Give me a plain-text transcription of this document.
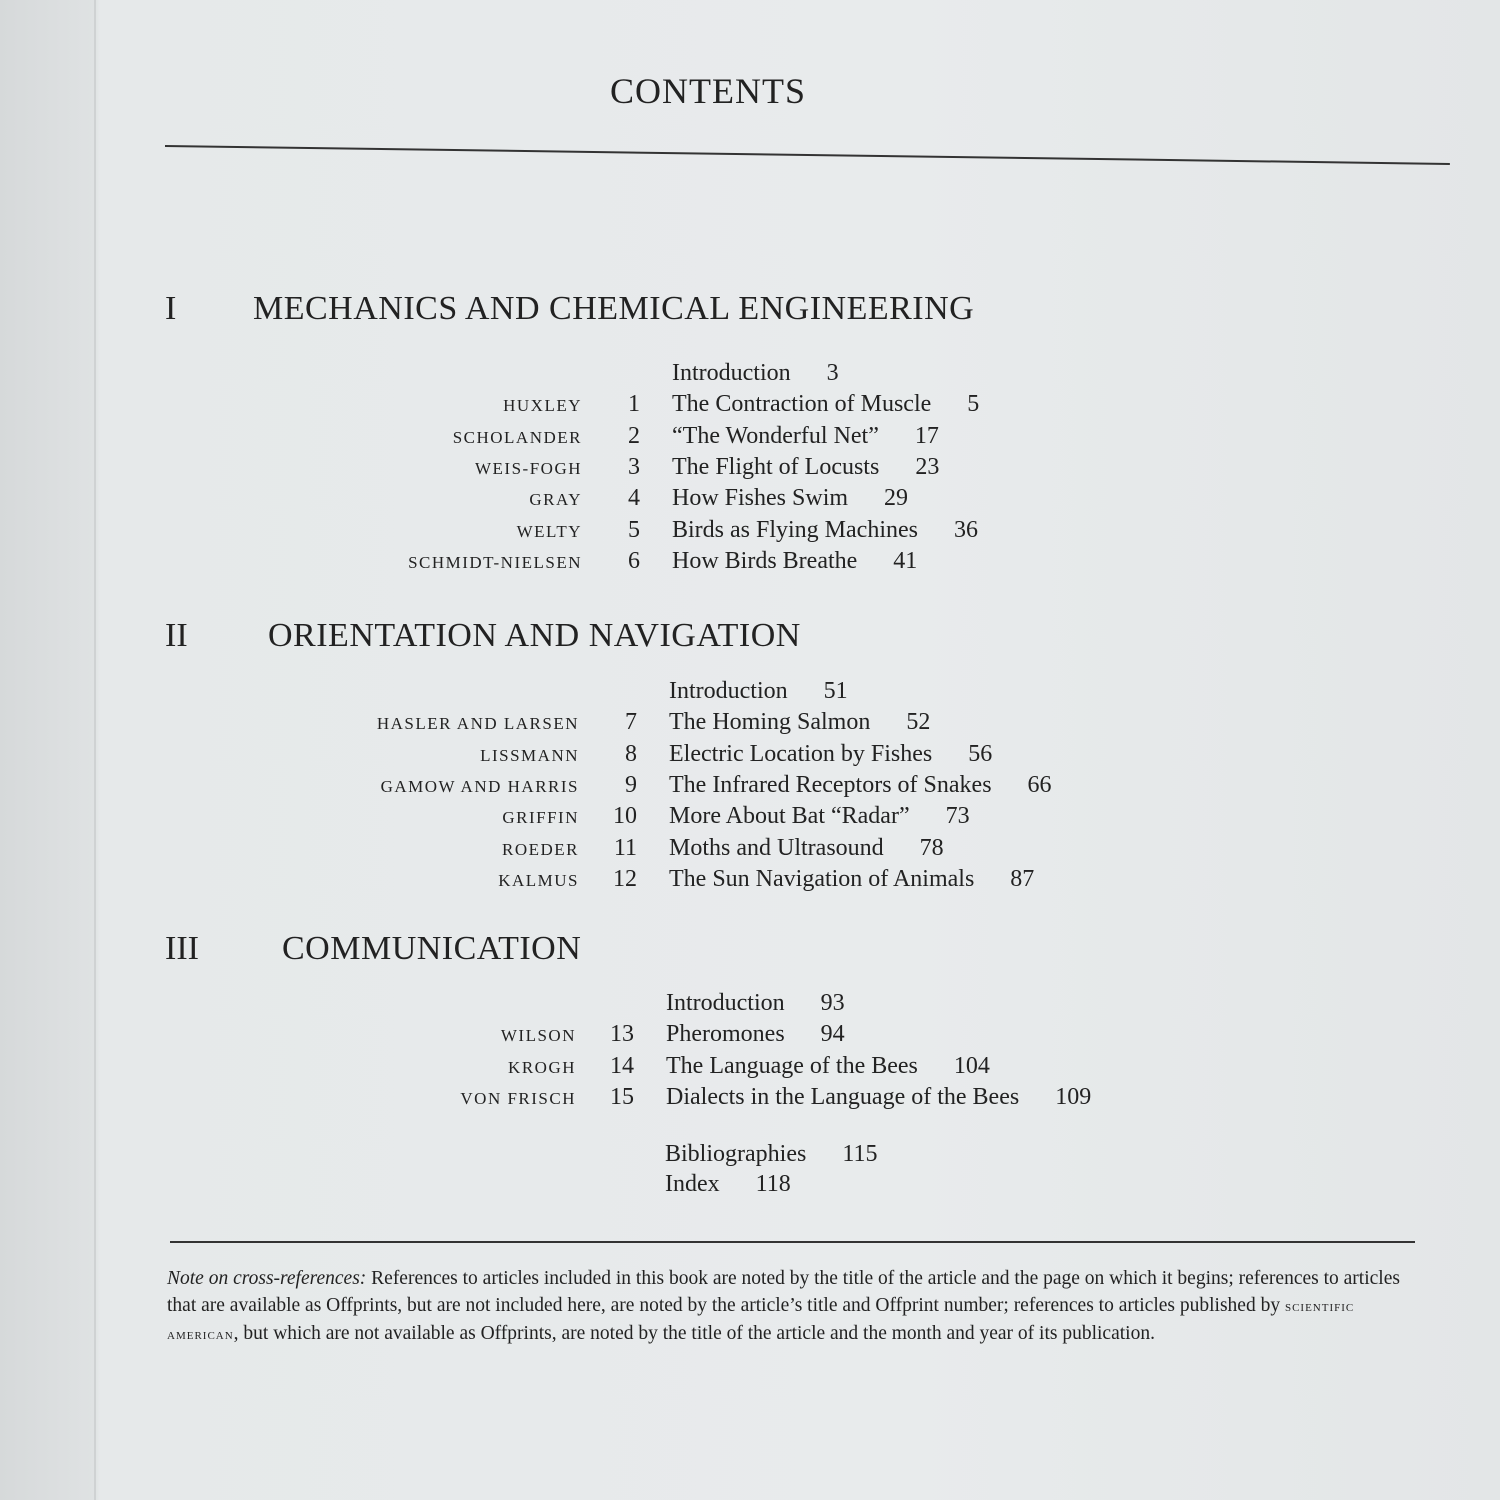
CONTENTS
I MECHANICS AND CHEMICAL ENGINEERING
Introduction 3
HUXLEY	1 The Contraction of Muscle 5
SCHOLANDER	2 “The Wonderful Net” 17
WEIS-FOGH	3 The Flight of Locusts 23
GRAY	4 How Fishes Swim 29
WELTY	5 Birds as Flying Machines 36
SCHMIDT-NIELSEN	6 How Birds Breathe 41
II ORIENTATION AND NAVIGATION
Introduction 51
HASLER AND LARSEN	7 The Homing Salmon 52
LISSMANN	8 Electric Location by Fishes 56
GAMOW AND HARRIS	9 The Infrared Receptors of Snakes 66
GRIFFIN	10 More About Bat “Radar” 73
ROEDER	11 Moths and Ultrasound 78
KALMUS	12 The Sun Navigation of Animals 87
III COMMUNICATION
Introduction 93
WILSON	13 Pheromones 94
KROGH	14 The Language of the Bees 104
VON FRISCH	15 Dialects in the Language of the Bees 109
Bibliographies 115
Index 118
Note on cross-references: References to articles included in this book are noted by the title of the article and the page on which it begins; references to articles that are available as Offprints, but are not included here, are noted by the article’s title and Offprint number; references to articles published by scientific american, but which are not available as Offprints, are noted by the title of the article and the month and year of its publication.
